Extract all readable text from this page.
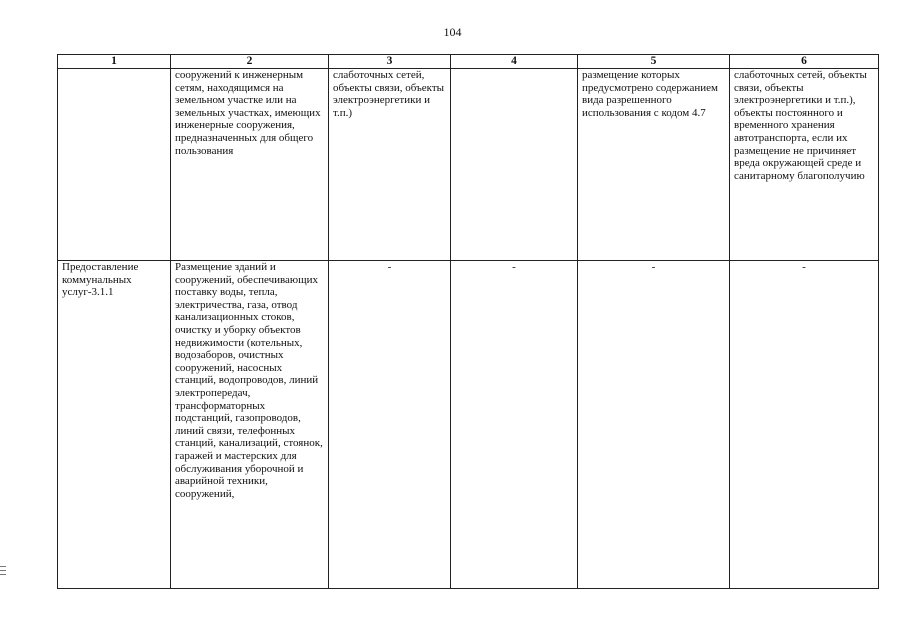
104
1	2	3	4	5	6
	сооружений к инженерным сетям, находящимся на земельном участке или на земельных участках, имеющих инженерные сооружения, предназначенных для общего пользования	слаботочных сетей, объекты связи, объекты электроэнергетики и т.п.)		размещение которых предусмотрено содержанием вида разрешенного использования с кодом 4.7	слаботочных сетей, объекты связи, объекты электроэнергетики и т.п.), объекты постоянного и временного хранения автотранспорта, если их размещение не причиняет вреда окружающей среде и санитарному благополучию
Предоставление коммунальных услуг-3.1.1	Размещение зданий и сооружений, обеспечивающих поставку воды, тепла, электричества, газа, отвод канализационных стоков, очистку и уборку объектов недвижимости (котельных, водозаборов, очистных сооружений, насосных станций, водопроводов, линий электропередач, трансформаторных подстанций, газопроводов, линий связи, телефонных станций, канализаций, стоянок, гаражей и мастерских для обслуживания уборочной и аварийной техники, сооружений,	-	-	-	-
